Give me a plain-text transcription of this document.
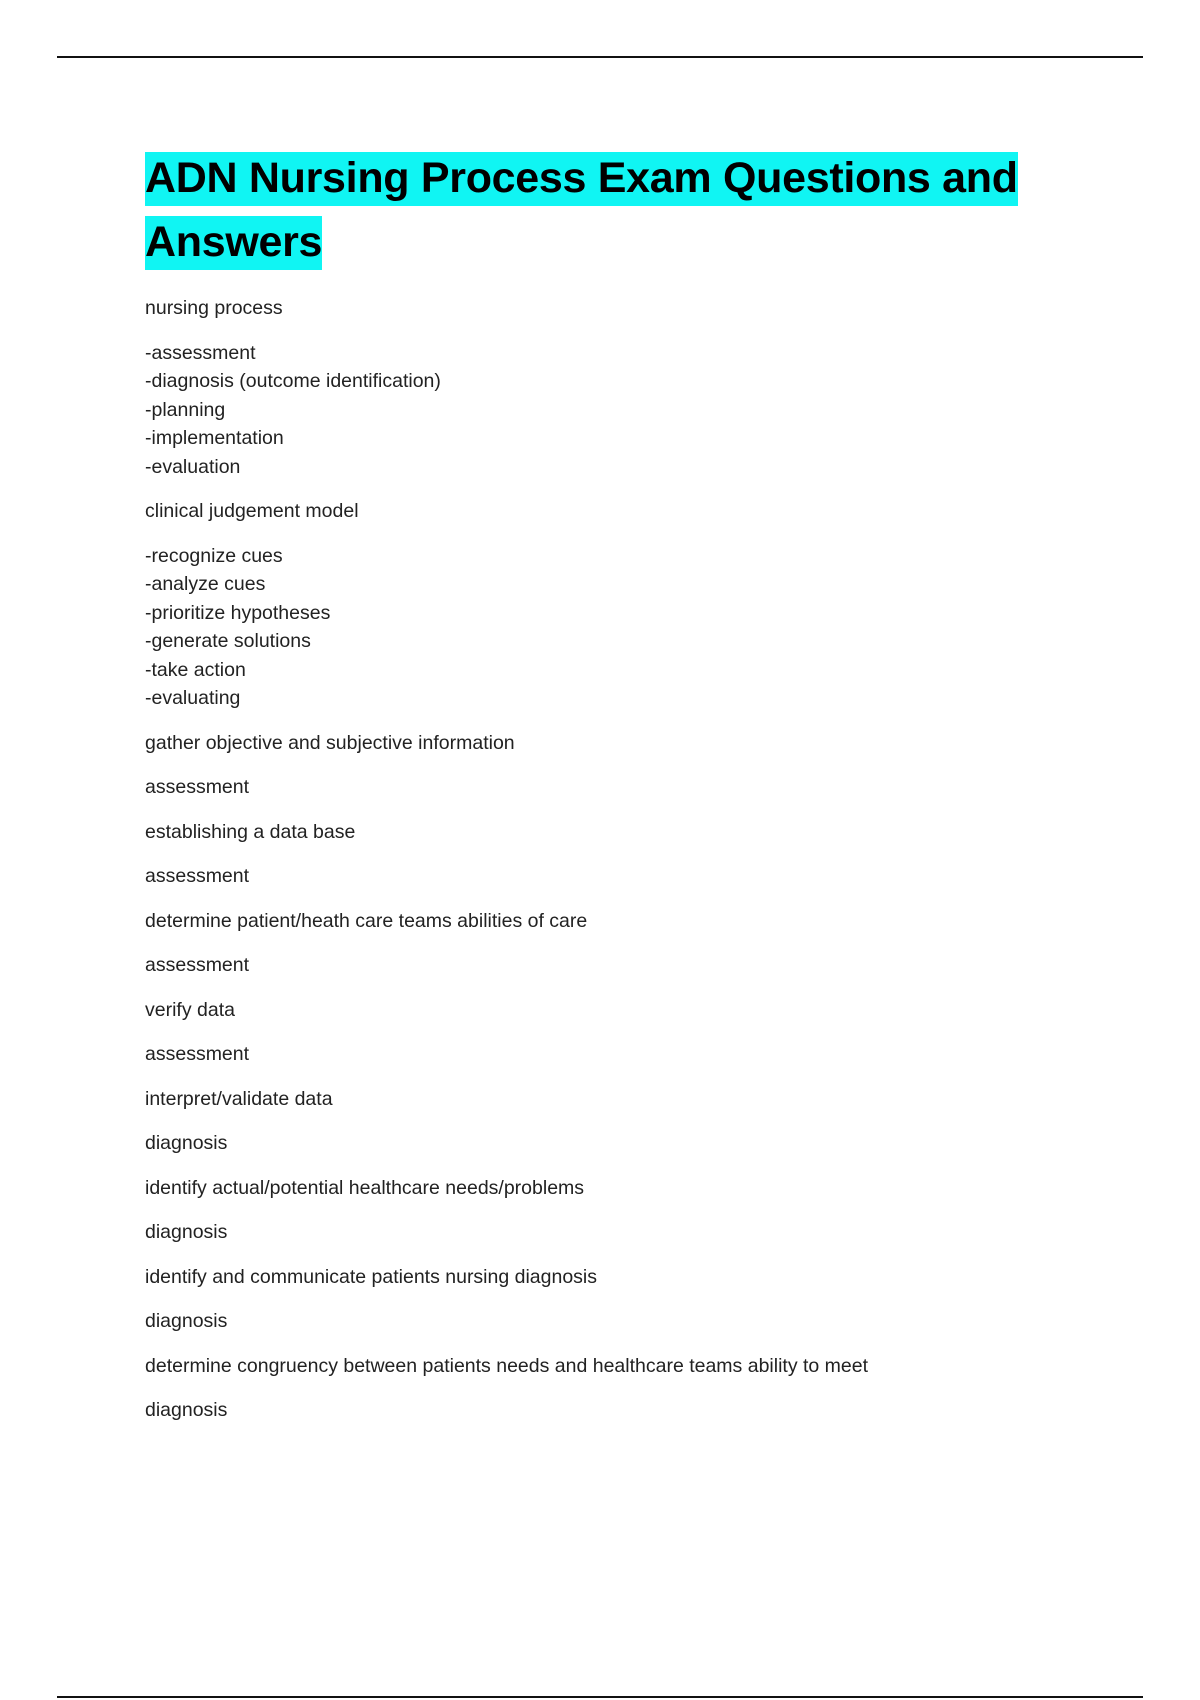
ADN Nursing Process Exam Questions and Answers

nursing process

-assessment
-diagnosis (outcome identification)
-planning
-implementation
-evaluation

clinical judgement model

-recognize cues
-analyze cues
-prioritize hypotheses
-generate solutions
-take action
-evaluating

gather objective and subjective information

assessment

establishing a data base

assessment

determine patient/heath care teams abilities of care

assessment

verify data

assessment

interpret/validate data

diagnosis

identify actual/potential healthcare needs/problems

diagnosis

identify and communicate patients nursing diagnosis

diagnosis

determine congruency between patients needs and healthcare teams ability to meet

diagnosis
